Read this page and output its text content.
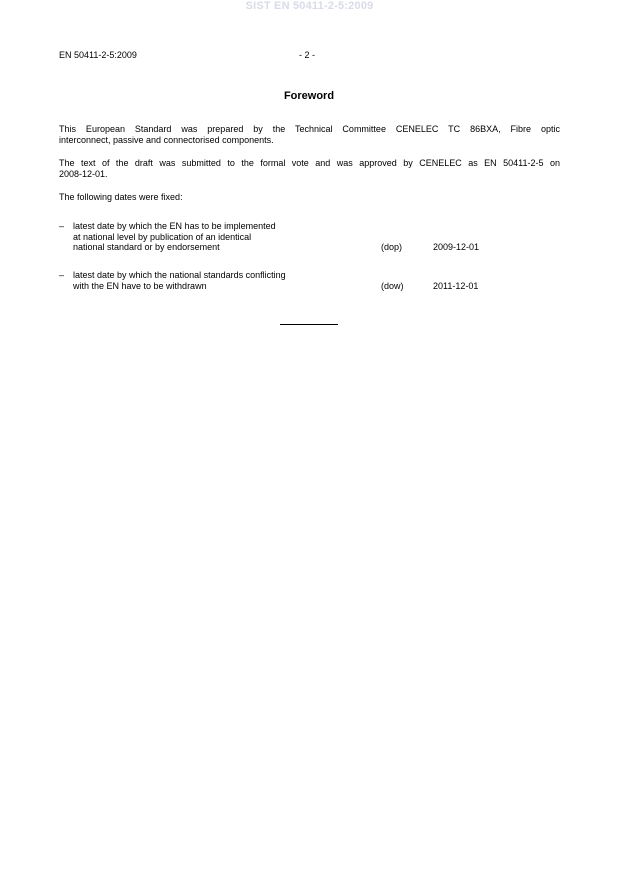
SIST EN 50411-2-5:2009
EN 50411-2-5:2009	- 2 -
Foreword

This European Standard was prepared by the Technical Committee CENELEC TC 86BXA, Fibre optic
interconnect, passive and connectorised components.

The text of the draft was submitted to the formal vote and was approved by CENELEC as EN 50411-2-5 on
2008-12-01.

The following dates were fixed:

– latest date by which the EN has to be implemented
at national level by publication of an identical
national standard or by endorsement	(dop)	2009-12-01
– latest date by which the national standards conflicting
with the EN have to be withdrawn	(dow)	2011-12-01
